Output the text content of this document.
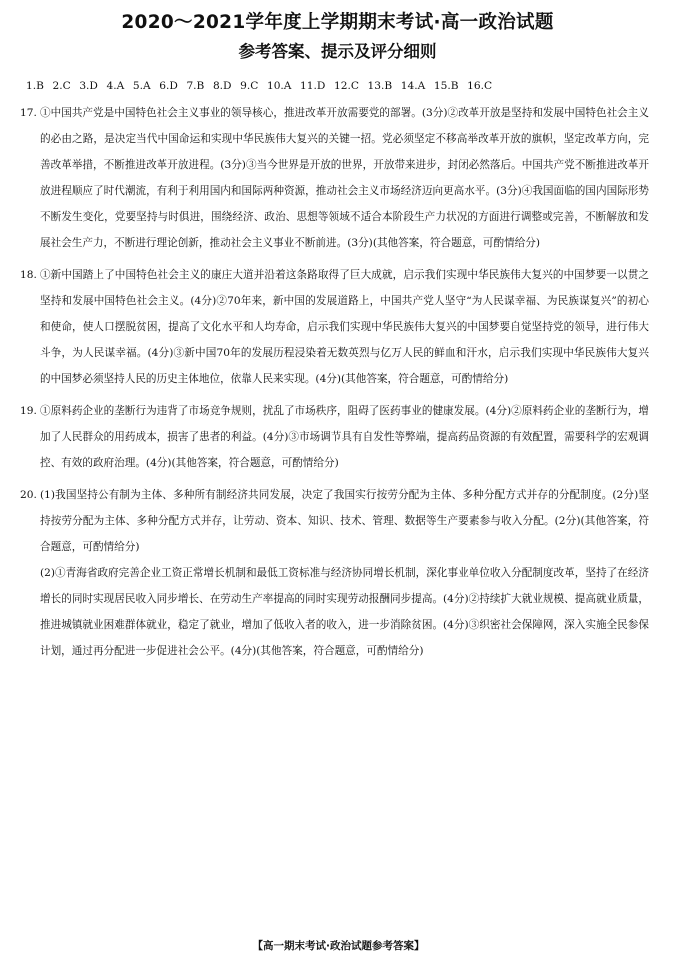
2020～2021学年度上学期期末考试·高一政治试题
参考答案、提示及评分细则
1.B 2.C 3.D 4.A 5.A 6.D 7.B 8.D 9.C 10.A 11.D 12.C 13.B 14.A 15.B 16.C
17. ①中国共产党是中国特色社会主义事业的领导核心，推进改革开放需要党的部署。(3分)②改革开放是坚持和发展中国特色社会主义的必由之路，是决定当代中国命运和实现中华民族伟大复兴的关键一招。党必须坚定不移高举改革开放的旗帜，坚定改革方向，完善改革举措，不断推进改革开放进程。(3分)③当今世界是开放的世界，开放带来进步，封闭必然落后。中国共产党不断推进改革开放进程顺应了时代潮流，有利于利用国内和国际两种资源，推动社会主义市场经济迈向更高水平。(3分)④我国面临的国内国际形势不断发生变化，党要坚持与时俱进，围绕经济、政治、思想等领域不适合本阶段生产力状况的方面进行调整或完善，不断解放和发展社会生产力，不断进行理论创新，推动社会主义事业不断前进。(3分)(其他答案，符合题意，可酌情给分)

18. ①新中国踏上了中国特色社会主义的康庄大道并沿着这条路取得了巨大成就，启示我们实现中华民族伟大复兴的中国梦要一以贯之坚持和发展中国特色社会主义。(4分)②70年来，新中国的发展道路上，中国共产党人坚守“为人民谋幸福、为民族谋复兴”的初心和使命，使人口摆脱贫困，提高了文化水平和人均寿命，启示我们实现中华民族伟大复兴的中国梦要自觉坚持党的领导，进行伟大斗争，为人民谋幸福。(4分)③新中国70年的发展历程浸染着无数英烈与亿万人民的鲜血和汗水，启示我们实现中华民族伟大复兴的中国梦必须坚持人民的历史主体地位，依靠人民来实现。(4分)(其他答案，符合题意，可酌情给分)

19. ①原料药企业的垄断行为违背了市场竞争规则，扰乱了市场秩序，阻碍了医药事业的健康发展。(4分)②原料药企业的垄断行为，增加了人民群众的用药成本，损害了患者的利益。(4分)③市场调节具有自发性等弊端，提高药品资源的有效配置，需要科学的宏观调控、有效的政府治理。(4分)(其他答案，符合题意，可酌情给分)

20. (1)我国坚持公有制为主体、多种所有制经济共同发展，决定了我国实行按劳分配为主体、多种分配方式并存的分配制度。(2分)坚持按劳分配为主体、多种分配方式并存，让劳动、资本、知识、技术、管理、数据等生产要素参与收入分配。(2分)(其他答案，符合题意，可酌情给分)

(2)①青海省政府完善企业工资正常增长机制和最低工资标准与经济协同增长机制，深化事业单位收入分配制度改革，坚持了在经济增长的同时实现居民收入同步增长、在劳动生产率提高的同时实现劳动报酬同步提高。(4分)②持续扩大就业规模、提高就业质量，推进城镇就业困难群体就业，稳定了就业，增加了低收入者的收入，进一步消除贫困。(4分)③织密社会保障网，深入实施全民参保计划，通过再分配进一步促进社会公平。(4分)(其他答案，符合题意，可酌情给分)

【高一期末考试·政治试题参考答案】
